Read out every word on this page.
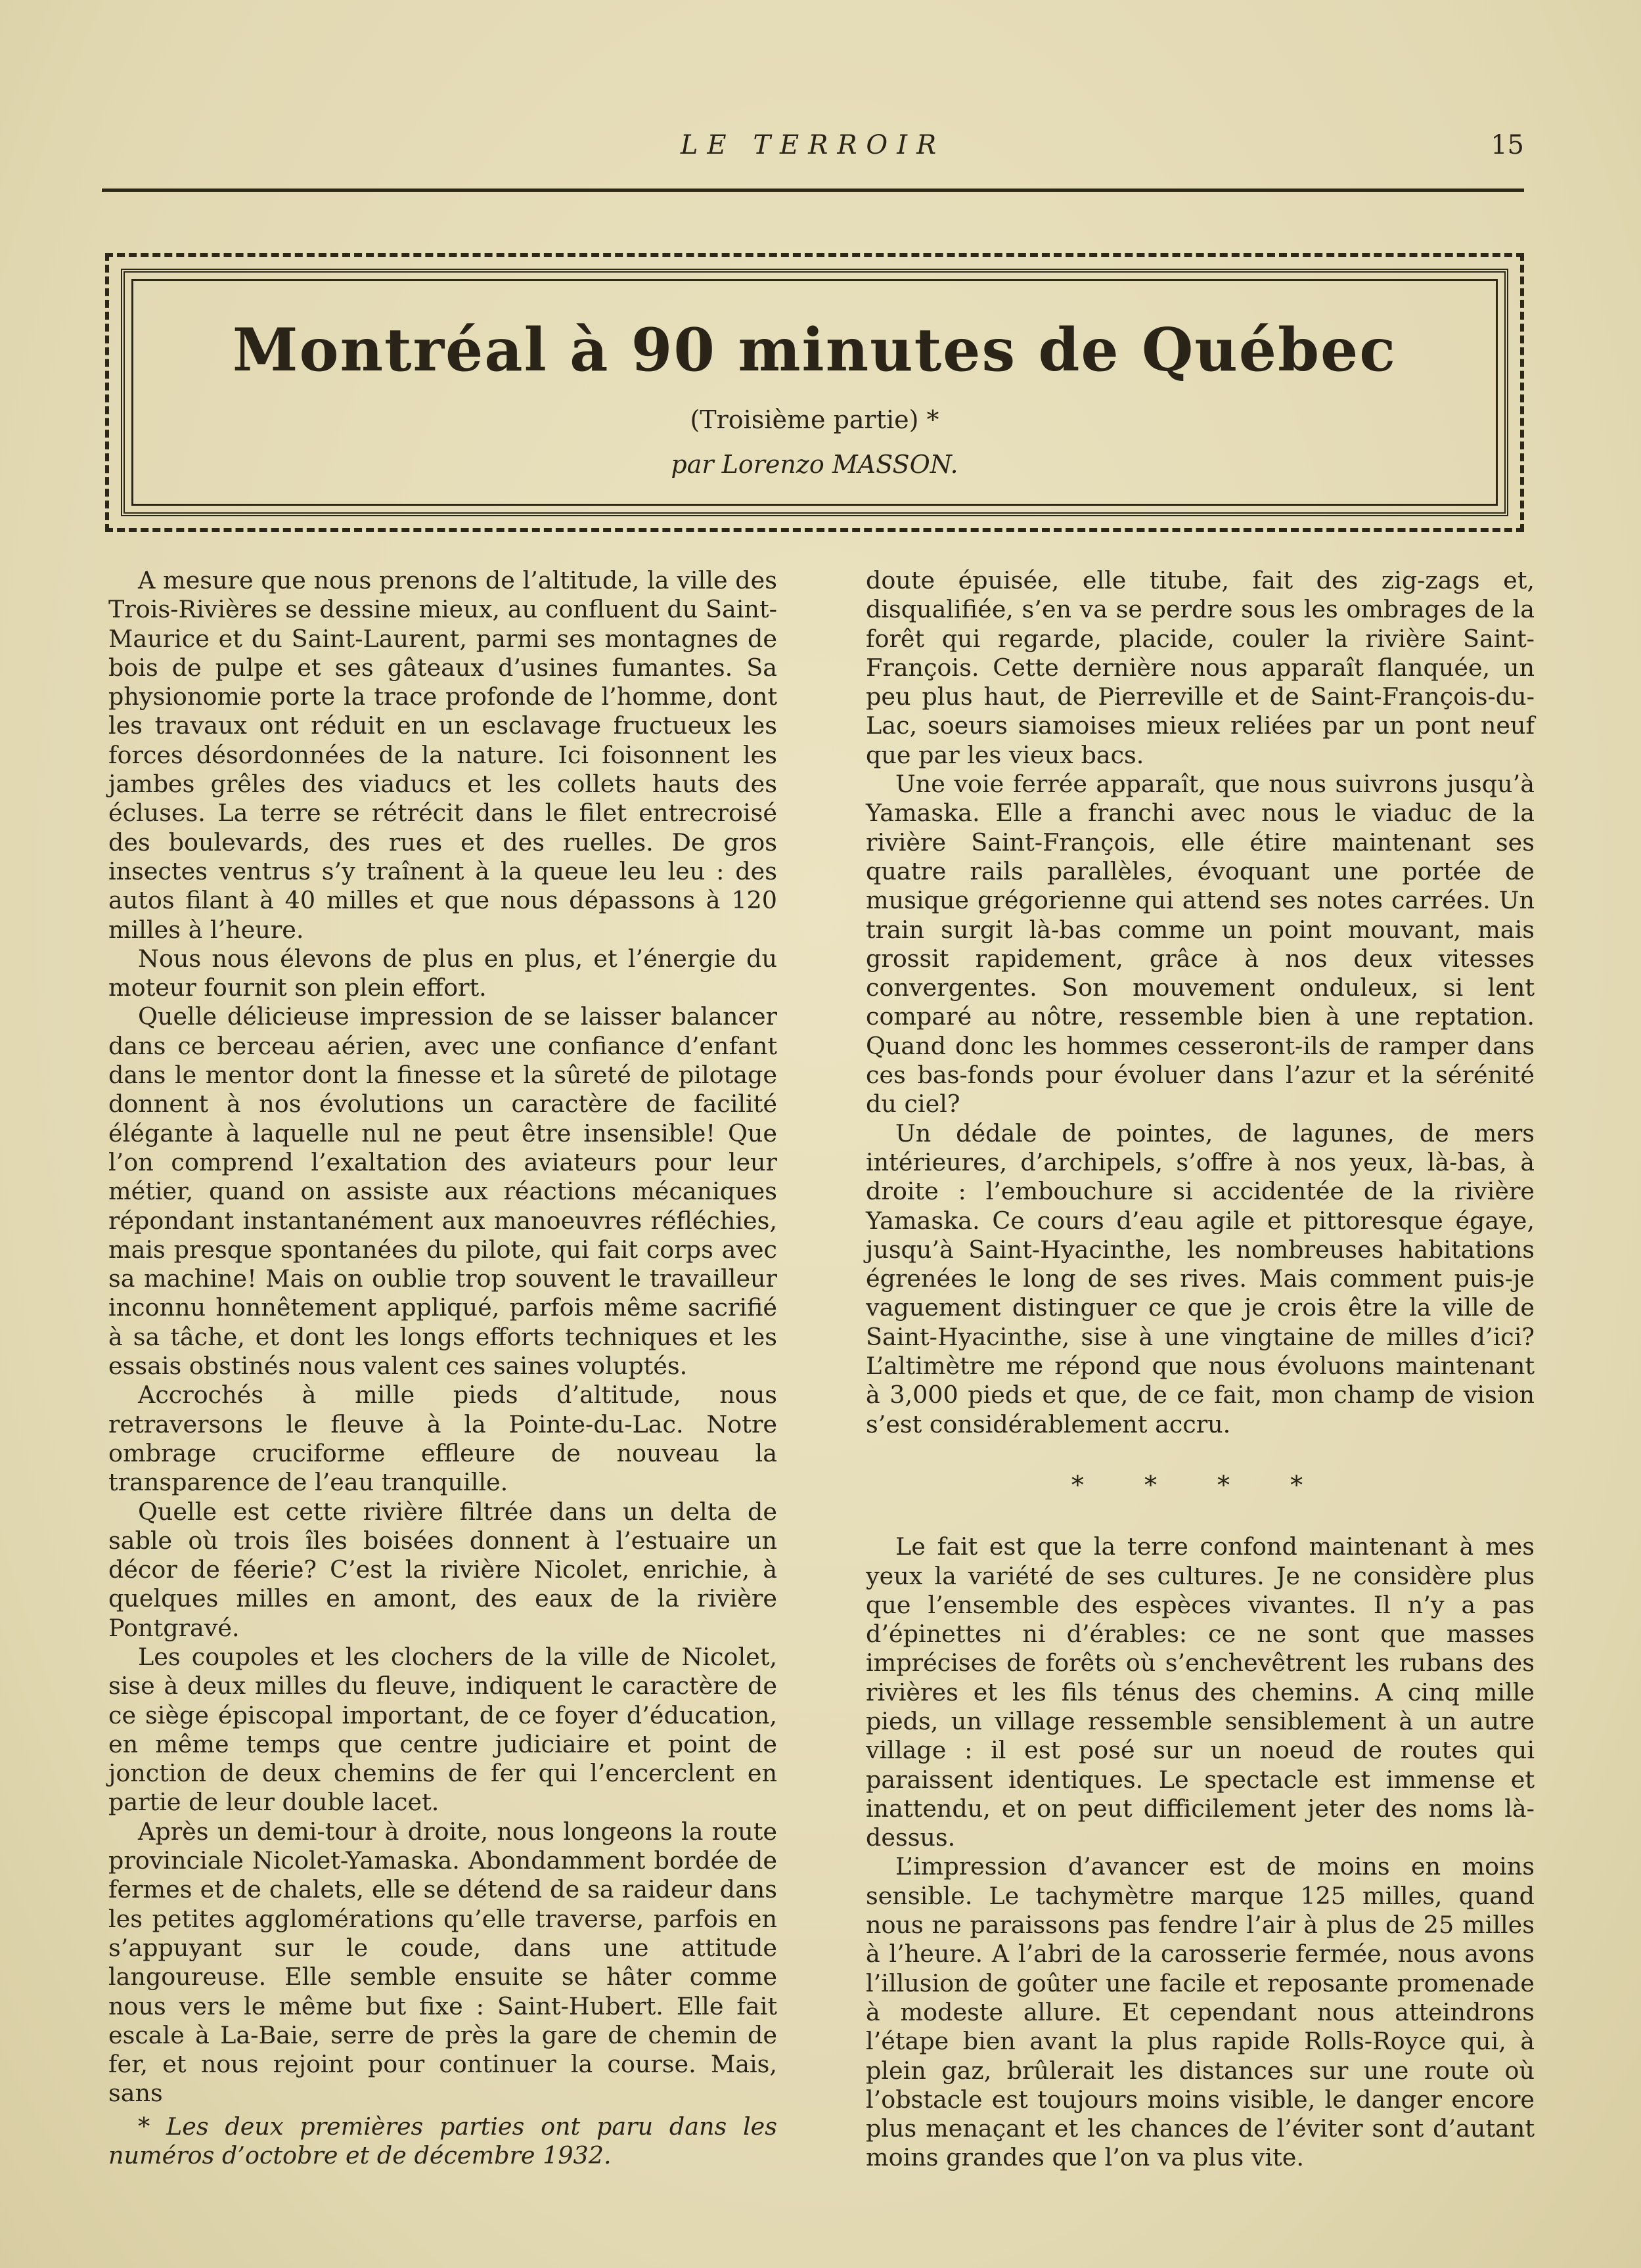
LE TERROIR	15
Montréal à 90 minutes de Québec
(Troisième partie) *
par Lorenzo MASSON.

A mesure que nous prenons de l’altitude, la ville des Trois-Rivières se dessine mieux, au confluent du Saint-Maurice et du Saint-Laurent, parmi ses montagnes de bois de pulpe et ses gâteaux d’usines fumantes. Sa physionomie porte la trace profonde de l’homme, dont les travaux ont réduit en un esclavage fructueux les forces désordonnées de la nature. Ici foisonnent les jambes grêles des viaducs et les collets hauts des écluses. La terre se rétrécit dans le filet entrecroisé des boulevards, des rues et des ruelles. De gros insectes ventrus s’y traînent à la queue leu leu : des autos filant à 40 milles et que nous dépassons à 120 milles à l’heure.

Nous nous élevons de plus en plus, et l’énergie du moteur fournit son plein effort.

Quelle délicieuse impression de se laisser balancer dans ce berceau aérien, avec une confiance d’enfant dans le mentor dont la finesse et la sûreté de pilotage donnent à nos évolutions un caractère de facilité élégante à laquelle nul ne peut être insensible! Que l’on comprend l’exaltation des aviateurs pour leur métier, quand on assiste aux réactions mécaniques répondant instantanément aux manoeuvres réfléchies, mais presque spontanées du pilote, qui fait corps avec sa machine! Mais on oublie trop souvent le travailleur inconnu honnêtement appliqué, parfois même sacrifié à sa tâche, et dont les longs efforts techniques et les essais obstinés nous valent ces saines voluptés.

Accrochés à mille pieds d’altitude, nous retraversons le fleuve à la Pointe-du-Lac. Notre ombrage cruciforme effleure de nouveau la transparence de l’eau tranquille.

Quelle est cette rivière filtrée dans un delta de sable où trois îles boisées donnent à l’estuaire un décor de féerie? C’est la rivière Nicolet, enrichie, à quelques milles en amont, des eaux de la rivière Pontgravé.

Les coupoles et les clochers de la ville de Nicolet, sise à deux milles du fleuve, indiquent le caractère de ce siège épiscopal important, de ce foyer d’éducation, en même temps que centre judiciaire et point de jonction de deux chemins de fer qui l’encerclent en partie de leur double lacet.

Après un demi-tour à droite, nous longeons la route provinciale Nicolet-Yamaska. Abondamment bordée de fermes et de chalets, elle se détend de sa raideur dans les petites agglomérations qu’elle traverse, parfois en s’appuyant sur le coude, dans une attitude langoureuse. Elle semble ensuite se hâter comme nous vers le même but fixe : Saint-Hubert. Elle fait escale à La-Baie, serre de près la gare de chemin de fer, et nous rejoint pour continuer la course. Mais, sans

* Les deux premières parties ont paru dans les numéros d’octobre et de décembre 1932.

doute épuisée, elle titube, fait des zig-zags et, disqualifiée, s’en va se perdre sous les ombrages de la forêt qui regarde, placide, couler la rivière Saint-François. Cette dernière nous apparaît flanquée, un peu plus haut, de Pierreville et de Saint-François-du-Lac, soeurs siamoises mieux reliées par un pont neuf que par les vieux bacs.

Une voie ferrée apparaît, que nous suivrons jusqu’à Yamaska. Elle a franchi avec nous le viaduc de la rivière Saint-François, elle étire maintenant ses quatre rails parallèles, évoquant une portée de musique grégorienne qui attend ses notes carrées. Un train surgit là-bas comme un point mouvant, mais grossit rapidement, grâce à nos deux vitesses convergentes. Son mouvement onduleux, si lent comparé au nôtre, ressemble bien à une reptation. Quand donc les hommes cesseront-ils de ramper dans ces bas-fonds pour évoluer dans l’azur et la sérénité du ciel?

Un dédale de pointes, de lagunes, de mers intérieures, d’archipels, s’offre à nos yeux, là-bas, à droite : l’embouchure si accidentée de la rivière Yamaska. Ce cours d’eau agile et pittoresque égaye, jusqu’à Saint-Hyacinthe, les nombreuses habitations égrenées le long de ses rives. Mais comment puis-je vaguement distinguer ce que je crois être la ville de Saint-Hyacinthe, sise à une vingtaine de milles d’ici? L’altimètre me répond que nous évoluons maintenant à 3,000 pieds et que, de ce fait, mon champ de vision s’est considérablement accru.

* * * *

Le fait est que la terre confond maintenant à mes yeux la variété de ses cultures. Je ne considère plus que l’ensemble des espèces vivantes. Il n’y a pas d’épinettes ni d’érables: ce ne sont que masses imprécises de forêts où s’enchevêtrent les rubans des rivières et les fils ténus des chemins. A cinq mille pieds, un village ressemble sensiblement à un autre village : il est posé sur un noeud de routes qui paraissent identiques. Le spectacle est immense et inattendu, et on peut difficilement jeter des noms là-dessus.

L’impression d’avancer est de moins en moins sensible. Le tachymètre marque 125 milles, quand nous ne paraissons pas fendre l’air à plus de 25 milles à l’heure. A l’abri de la carosserie fermée, nous avons l’illusion de goûter une facile et reposante promenade à modeste allure. Et cependant nous atteindrons l’étape bien avant la plus rapide Rolls-Royce qui, à plein gaz, brûlerait les distances sur une route où l’obstacle est toujours moins visible, le danger encore plus menaçant et les chances de l’éviter sont d’autant moins grandes que l’on va plus vite.
